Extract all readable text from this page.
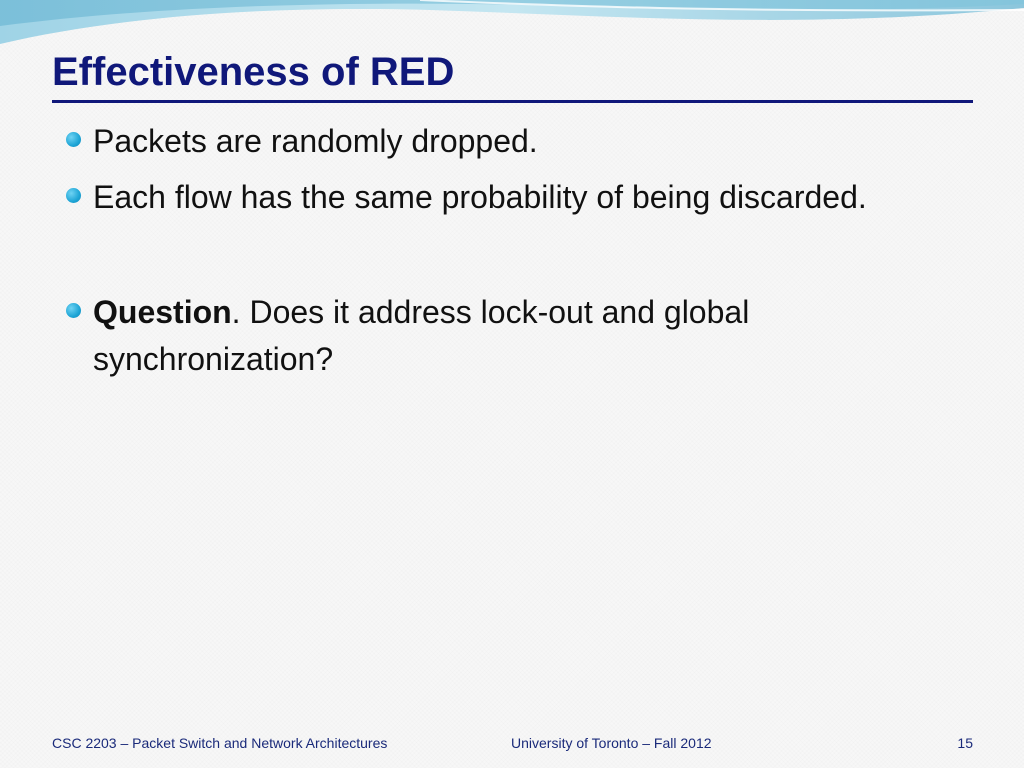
Effectiveness of RED
Packets are randomly dropped.
Each flow has the same probability of being discarded.
Question. Does it address lock-out and global synchronization?
CSC 2203 – Packet Switch and Network Architectures	University of Toronto – Fall 2012	15
